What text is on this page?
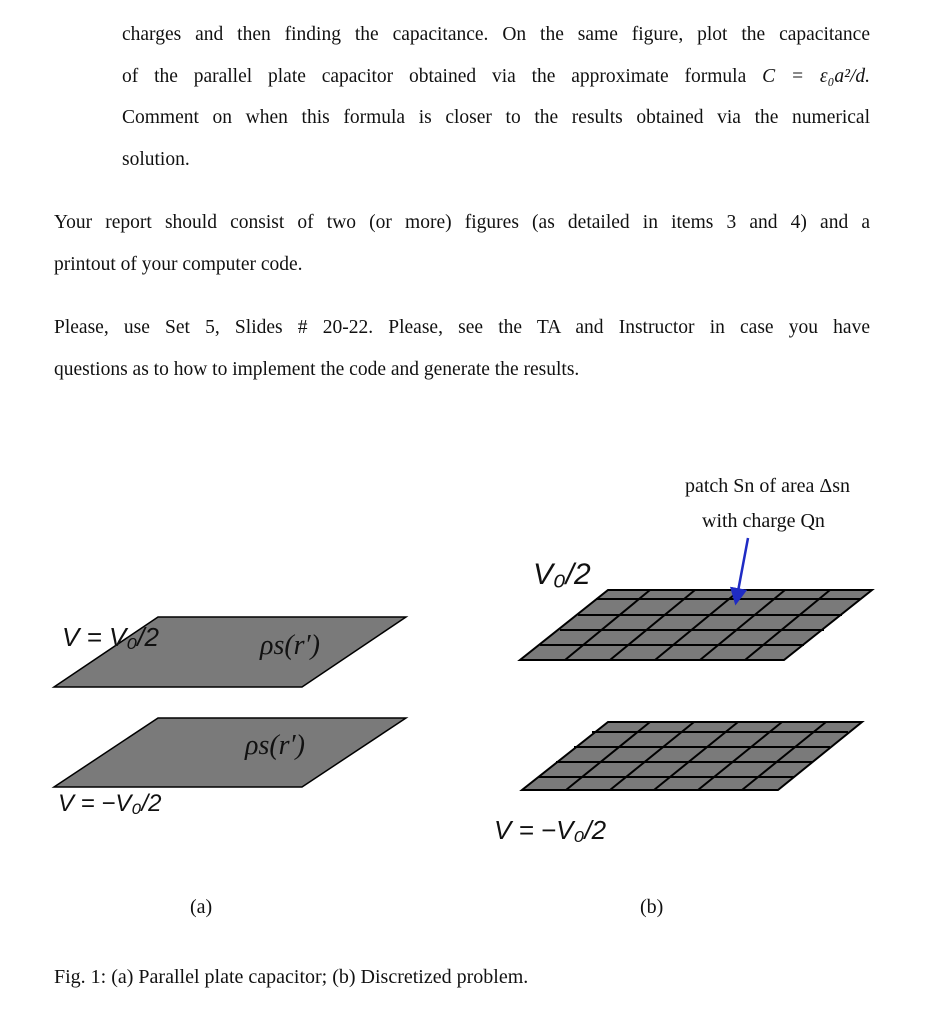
charges and then finding the capacitance. On the same figure, plot the capacitance
of the parallel plate capacitor obtained via the approximate formula C = ε₀a²/d.
Comment on when this formula is closer to the results obtained via the numerical
solution.
Your report should consist of two (or more) figures (as detailed in items 3 and 4) and a
printout of your computer code.
Please, use Set 5, Slides # 20-22. Please, see the TA and Instructor in case you have
questions as to how to implement the code and generate the results.
V = V₀/2	ρs(r′)
ρs(r′)
V = −V₀/2
(a)
patch Sn of area Δsn
with charge Qn
V₀/2
V = −V₀/2
(b)
Fig. 1: (a) Parallel plate capacitor; (b) Discretized problem.
